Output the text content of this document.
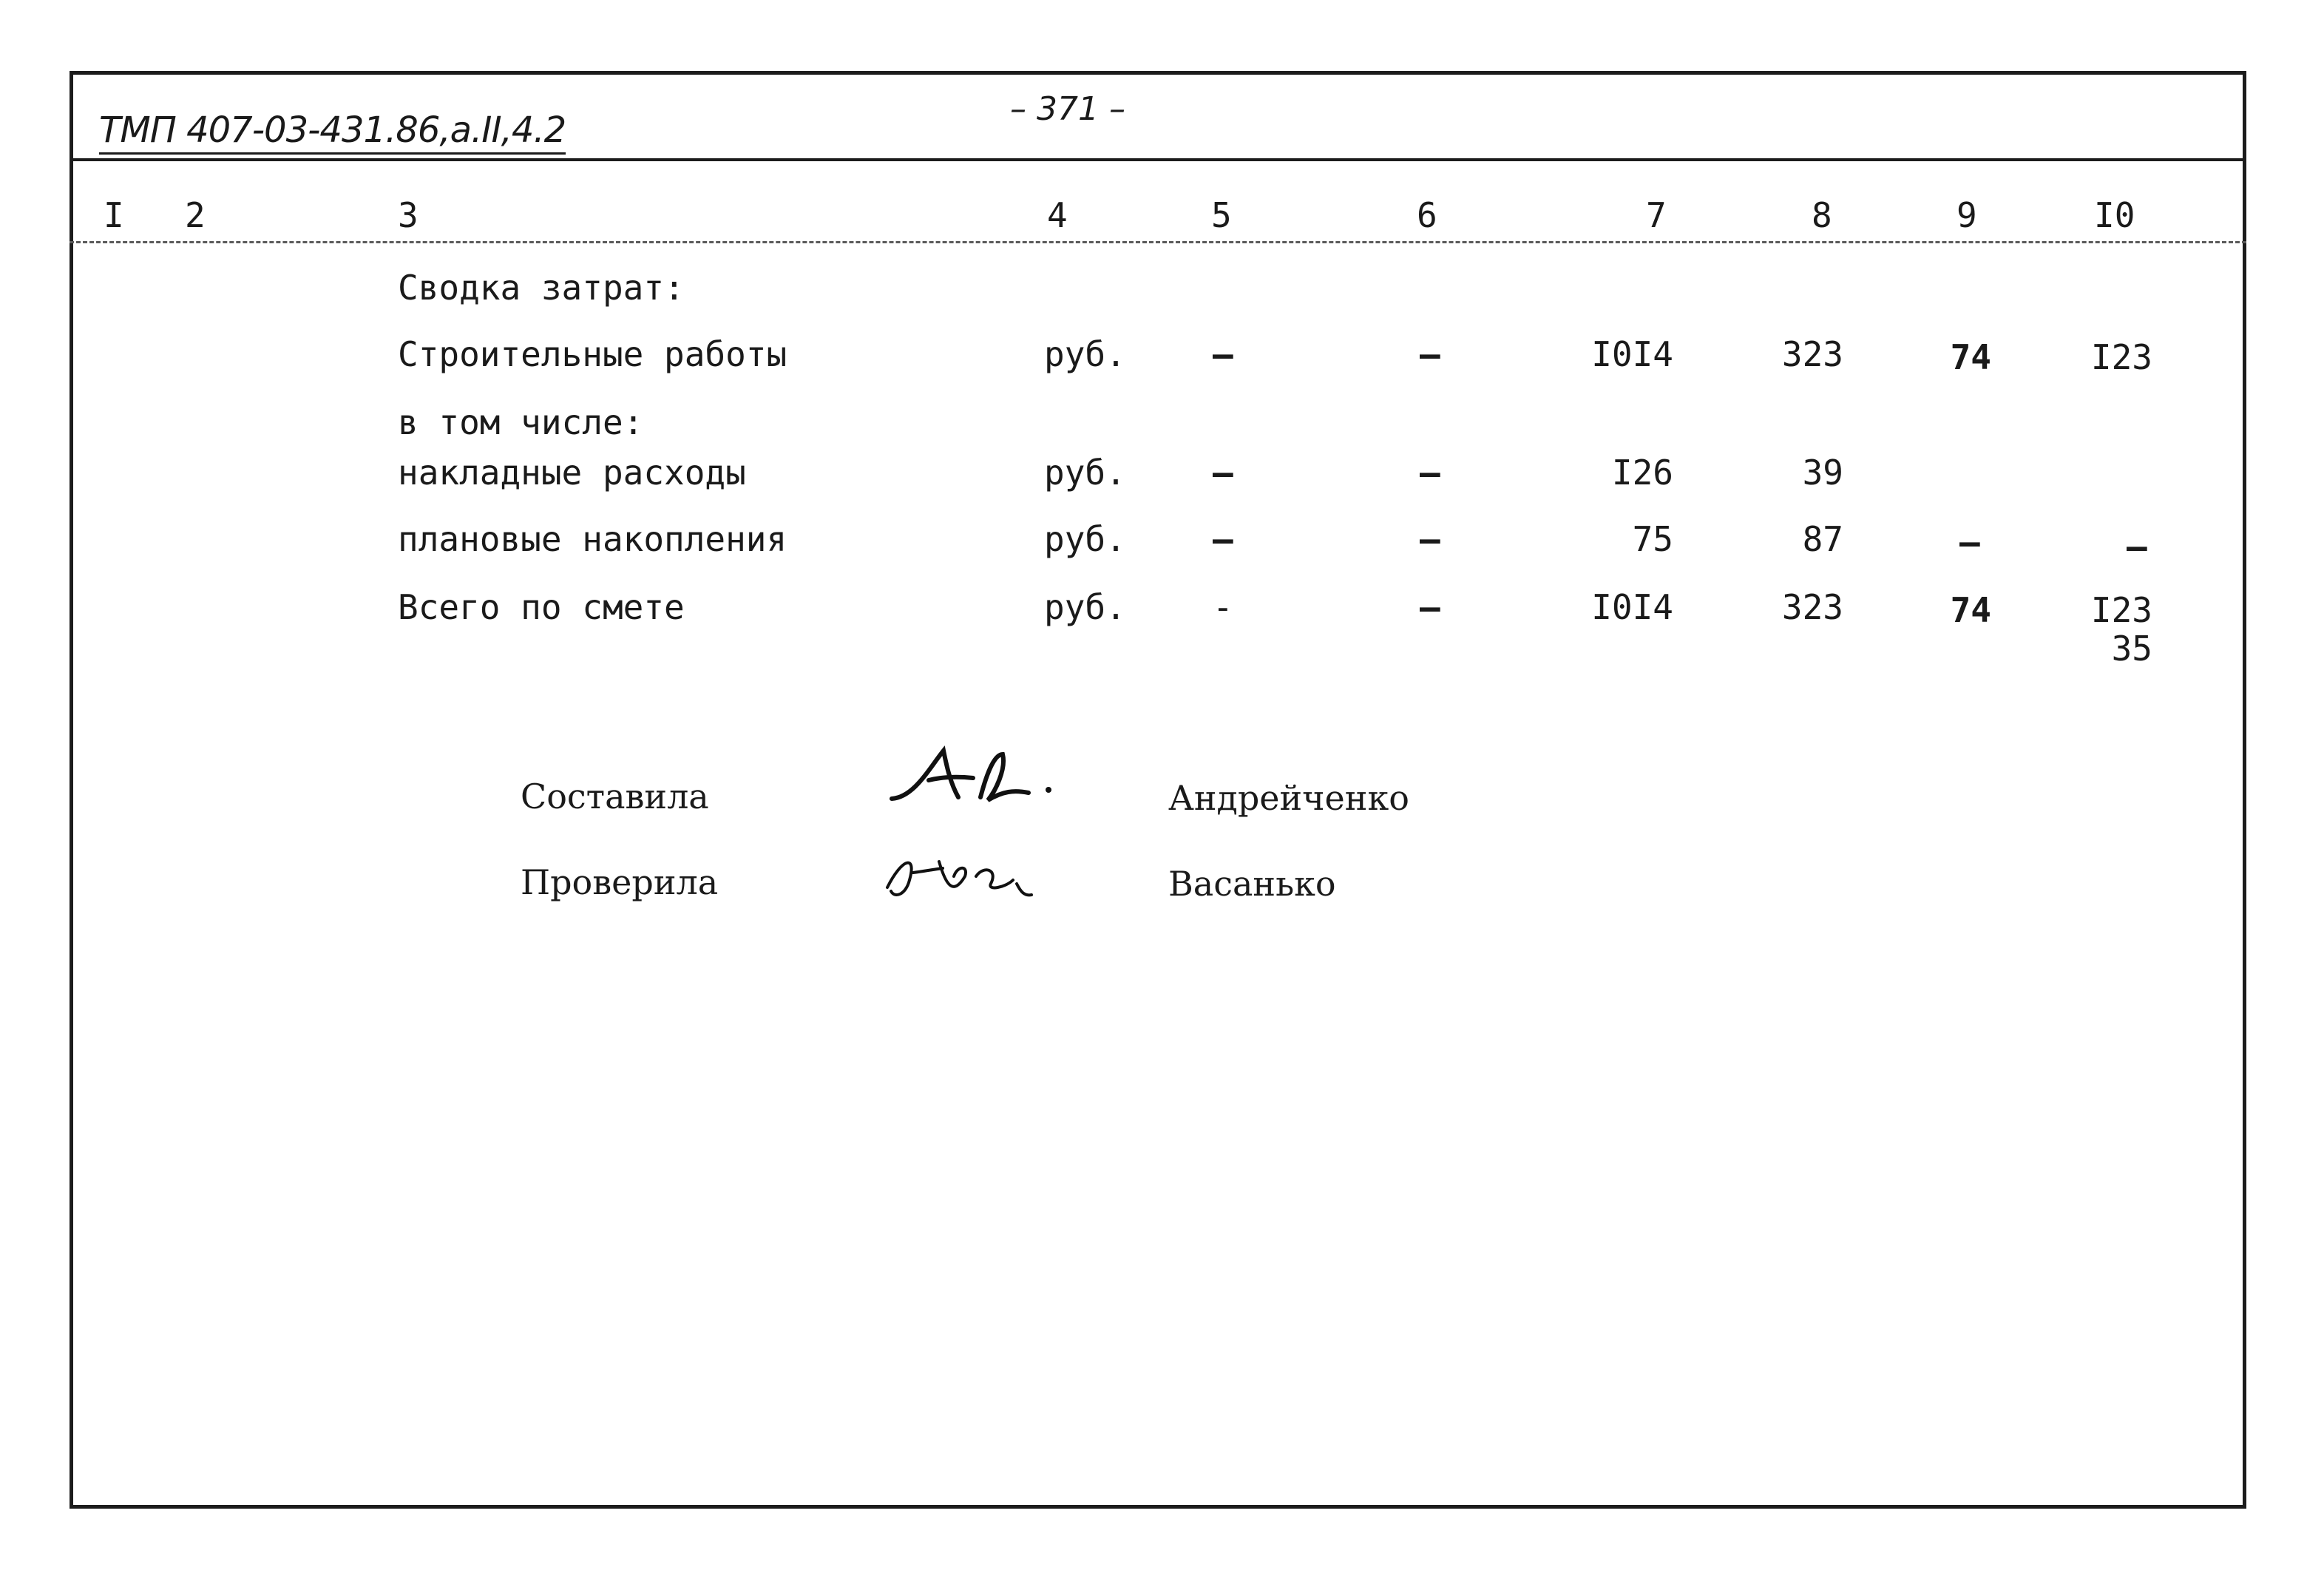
ТМП 407-03-431.86,а.II,4.2
– 371 –
I 2	3	4	5	6	7	8	9	I0
Сводка затрат:
Строительные работы	руб.	–	–	I0I4	323	74	I23
в том числе:
накладные расходы	руб.	–	–	I26	39
плановые накопления	руб.	–	–	75	87	–	–
Всего по смете	руб.	-	–	I0I4	323	74	I23
35
Составила	Андрейченко
Проверила	Васанько
